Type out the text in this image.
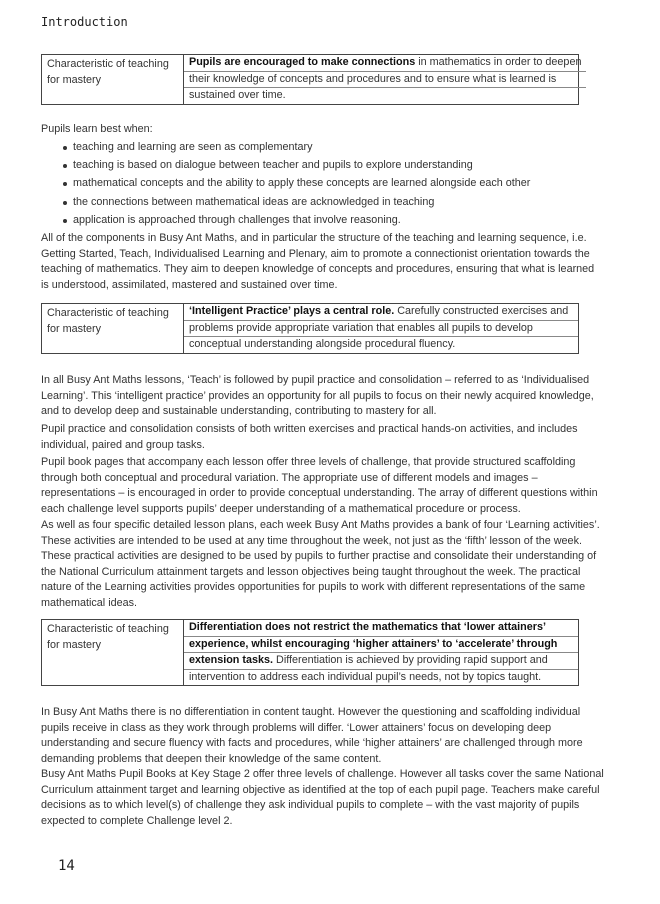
Introduction
Characteristic of teaching for mastery
Pupils are encouraged to make connections in mathematics in order to deepen
their knowledge of concepts and procedures and to ensure what is learned is
sustained over time.

Pupils learn best when:

teaching and learning are seen as complementary
teaching is based on dialogue between teacher and pupils to explore understanding
mathematical concepts and the ability to apply these concepts are learned alongside each other
the connections between mathematical ideas are acknowledged in teaching
application is approached through challenges that involve reasoning.

All of the components in Busy Ant Maths, and in particular the structure of the teaching and learning sequence, i.e.
Getting Started, Teach, Individualised Learning and Plenary, aim to promote a connectionist orientation towards the
teaching of mathematics. They aim to deepen knowledge of concepts and procedures, ensuring that what is learned
is understood, assimilated, mastered and sustained over time.

Characteristic of teaching for mastery
‘Intelligent Practice’ plays a central role. Carefully constructed exercises and
problems provide appropriate variation that enables all pupils to develop
conceptual understanding alongside procedural fluency.

In all Busy Ant Maths lessons, ‘Teach’ is followed by pupil practice and consolidation – referred to as ‘Individualised
Learning’. This ‘intelligent practice’ provides an opportunity for all pupils to focus on their newly acquired knowledge,
and to develop deep and sustainable understanding, contributing to mastery for all.

Pupil practice and consolidation consists of both written exercises and practical hands-on activities, and includes
individual, paired and group tasks.

Pupil book pages that accompany each lesson offer three levels of challenge, that provide structured scaffolding
through both conceptual and procedural variation. The appropriate use of different models and images –
representations – is encouraged in order to provide conceptual understanding. The array of different questions within
each challenge level supports pupils’ deeper understanding of a mathematical procedure or process.

As well as four specific detailed lesson plans, each week Busy Ant Maths provides a bank of four ‘Learning activities’.
These activities are intended to be used at any time throughout the week, not just as the ‘fifth’ lesson of the week.
These practical activities are designed to be used by pupils to further practise and consolidate their understanding of
the National Curriculum attainment targets and lesson objectives being taught throughout the week. The practical
nature of the Learning activities provides opportunities for pupils to work with different representations of the same
mathematical ideas.

Characteristic of teaching for mastery
Differentiation does not restrict the mathematics that ‘lower attainers’
experience, whilst encouraging ‘higher attainers’ to ‘accelerate’ through
extension tasks. Differentiation is achieved by providing rapid support and
intervention to address each individual pupil’s needs, not by topics taught.

In Busy Ant Maths there is no differentiation in content taught. However the questioning and scaffolding individual
pupils receive in class as they work through problems will differ. ‘Lower attainers’ focus on developing deep
understanding and secure fluency with facts and procedures, while ‘higher attainers’ are challenged through more
demanding problems that deepen their knowledge of the same content.

Busy Ant Maths Pupil Books at Key Stage 2 offer three levels of challenge. However all tasks cover the same National
Curriculum attainment target and learning objective as identified at the top of each pupil page. Teachers make careful
decisions as to which level(s) of challenge they ask individual pupils to complete – with the vast majority of pupils
expected to complete Challenge level 2.

14
